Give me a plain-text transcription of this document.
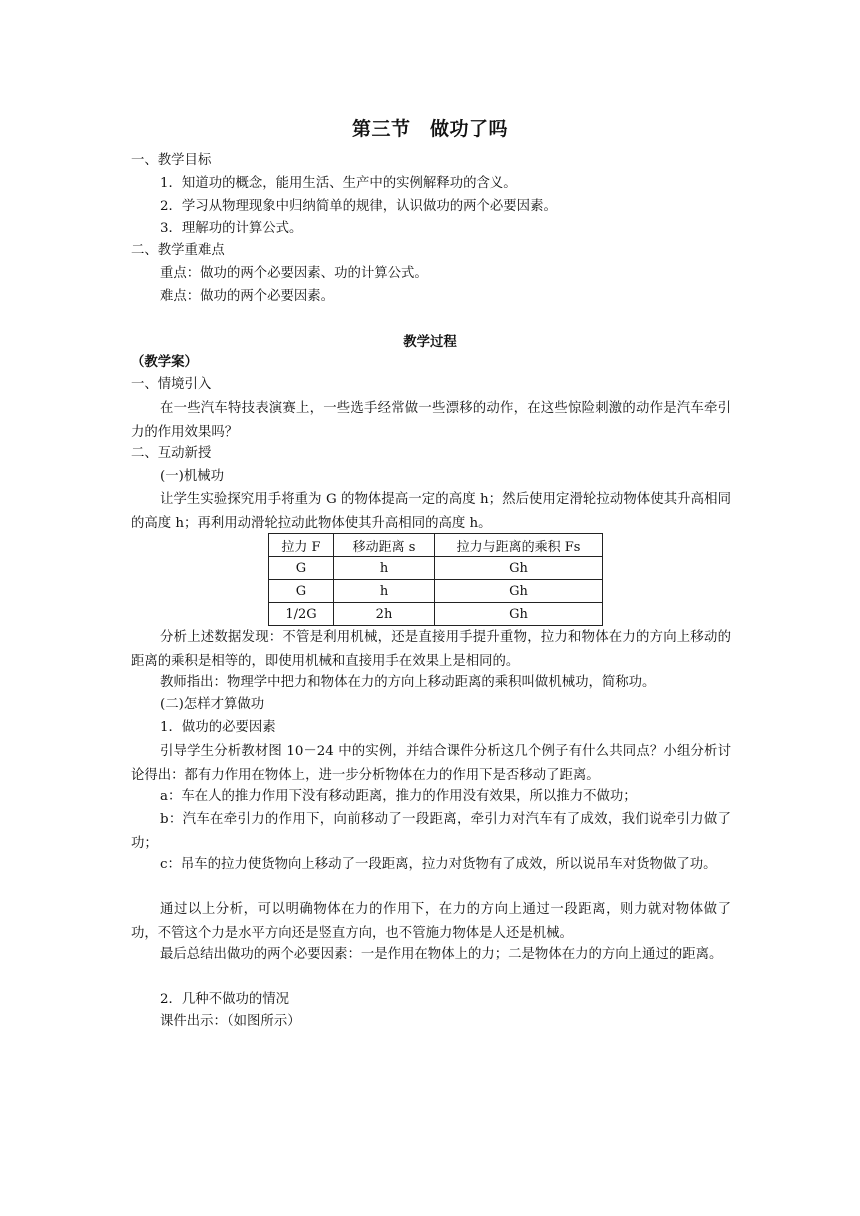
第三节　做功了吗
一、教学目标
1．知道功的概念，能用生活、生产中的实例解释功的含义。
2．学习从物理现象中归纳简单的规律，认识做功的两个必要因素。
3．理解功的计算公式。
二、教学重难点
重点：做功的两个必要因素、功的计算公式。
难点：做功的两个必要因素。
教学过程
（教学案）
一、情境引入
在一些汽车特技表演赛上，一些选手经常做一些漂移的动作，在这些惊险刺激的动作是汽车牵引力的作用效果吗？
二、互动新授
(一)机械功
让学生实验探究用手将重为 G 的物体提高一定的高度 h；然后使用定滑轮拉动物体使其升高相同的高度 h；再利用动滑轮拉动此物体使其升高相同的高度 h。
拉力 F	移动距离 s	拉力与距离的乘积 Fs
G	h	Gh
G	h	Gh
1/2G	2h	Gh
分析上述数据发现：不管是利用机械，还是直接用手提升重物，拉力和物体在力的方向上移动的距离的乘积是相等的，即使用机械和直接用手在效果上是相同的。
教师指出：物理学中把力和物体在力的方向上移动距离的乘积叫做机械功，简称功。
(二)怎样才算做功
1．做功的必要因素
引导学生分析教材图 10－24 中的实例，并结合课件分析这几个例子有什么共同点？小组分析讨论得出：都有力作用在物体上，进一步分析物体在力的作用下是否移动了距离。
a：车在人的推力作用下没有移动距离，推力的作用没有效果，所以推力不做功；
b：汽车在牵引力的作用下，向前移动了一段距离，牵引力对汽车有了成效，我们说牵引力做了功；
c：吊车的拉力使货物向上移动了一段距离，拉力对货物有了成效，所以说吊车对货物做了功。
通过以上分析，可以明确物体在力的作用下，在力的方向上通过一段距离，则力就对物体做了功，不管这个力是水平方向还是竖直方向，也不管施力物体是人还是机械。
最后总结出做功的两个必要因素：一是作用在物体上的力；二是物体在力的方向上通过的距离。
2．几种不做功的情况
课件出示：（如图所示）
